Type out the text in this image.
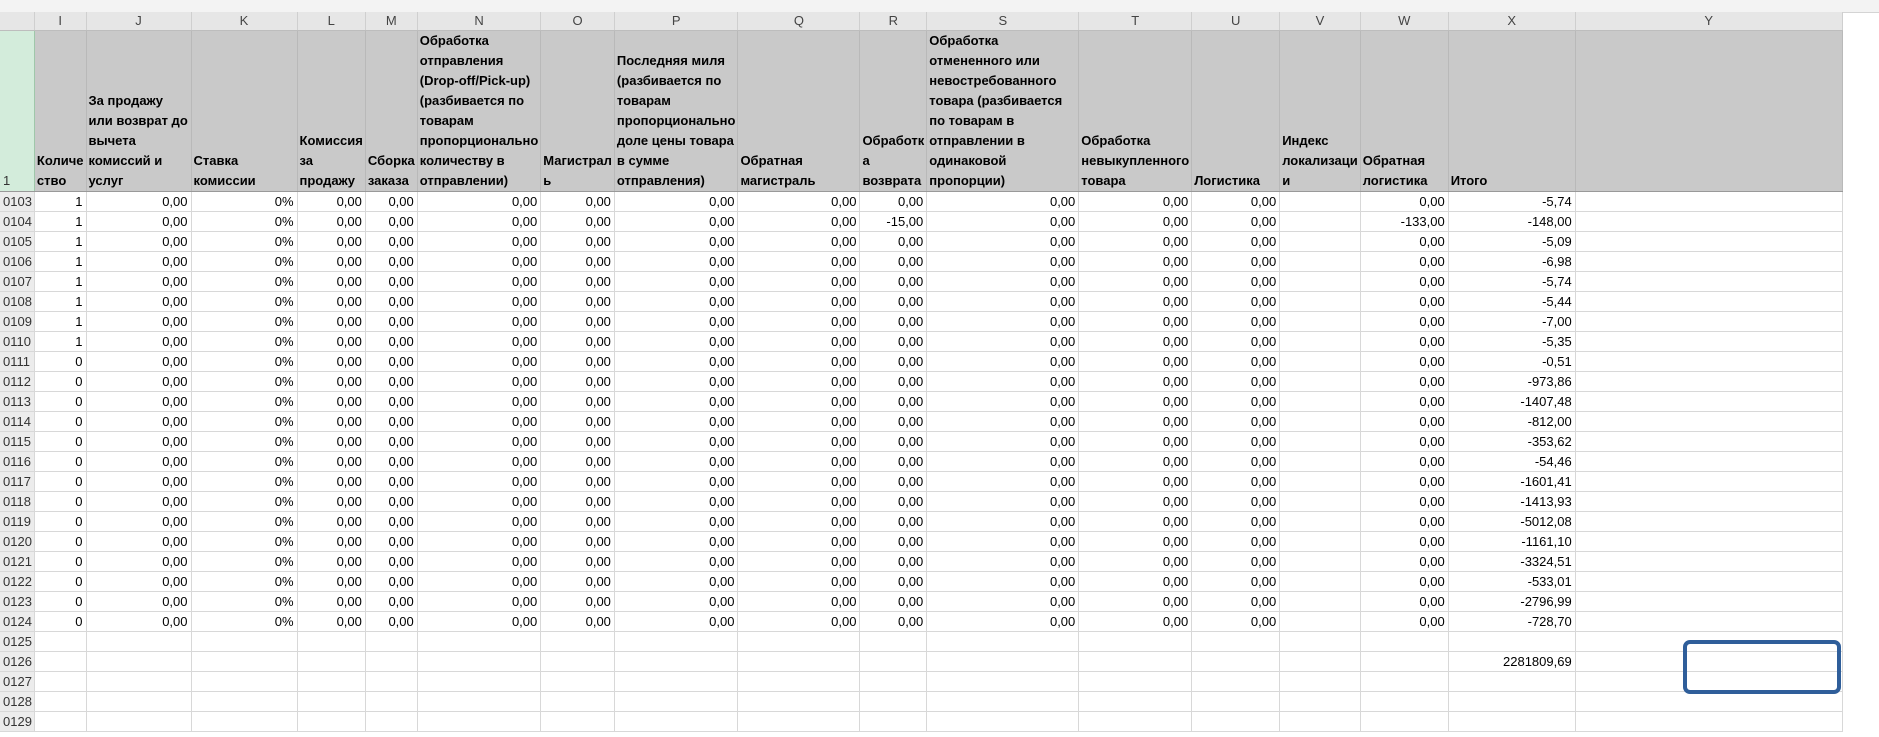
	I	J	K	L	M	N	O	P	Q	R	S	T	U	V	W	X	Y
1	Количе ство	За продажу или возврат до вычета комиссий и услуг	Ставка комиссии	Комиссия за продажу	Сборка заказа	Обработка отправления (Drop-off/Pick-up) (разбивается по товарам пропорционально количеству в отправлении)	Магистрал ь	Последняя миля (разбивается по товарам пропорционально доле цены товара в сумме отправления)	Обратная магистраль	Обработк а возврата	Обработка отмененного или невостребованного товара (разбивается по товарам в отправлении в одинаковой пропорции)	Обработка невыкупленного товара	Логистика	Индекс локализаци и	Обратная логистика	Итого	
0103	1	0,00	0%	0,00	0,00	0,00	0,00	0,00	0,00	0,00	0,00	0,00	0,00		0,00	-5,74	
0104	1	0,00	0%	0,00	0,00	0,00	0,00	0,00	0,00	-15,00	0,00	0,00	0,00		-133,00	-148,00	
0105	1	0,00	0%	0,00	0,00	0,00	0,00	0,00	0,00	0,00	0,00	0,00	0,00		0,00	-5,09	
0106	1	0,00	0%	0,00	0,00	0,00	0,00	0,00	0,00	0,00	0,00	0,00	0,00		0,00	-6,98	
0107	1	0,00	0%	0,00	0,00	0,00	0,00	0,00	0,00	0,00	0,00	0,00	0,00		0,00	-5,74	
0108	1	0,00	0%	0,00	0,00	0,00	0,00	0,00	0,00	0,00	0,00	0,00	0,00		0,00	-5,44	
0109	1	0,00	0%	0,00	0,00	0,00	0,00	0,00	0,00	0,00	0,00	0,00	0,00		0,00	-7,00	
0110	1	0,00	0%	0,00	0,00	0,00	0,00	0,00	0,00	0,00	0,00	0,00	0,00		0,00	-5,35	
0111	0	0,00	0%	0,00	0,00	0,00	0,00	0,00	0,00	0,00	0,00	0,00	0,00		0,00	-0,51	
0112	0	0,00	0%	0,00	0,00	0,00	0,00	0,00	0,00	0,00	0,00	0,00	0,00		0,00	-973,86	
0113	0	0,00	0%	0,00	0,00	0,00	0,00	0,00	0,00	0,00	0,00	0,00	0,00		0,00	-1407,48	
0114	0	0,00	0%	0,00	0,00	0,00	0,00	0,00	0,00	0,00	0,00	0,00	0,00		0,00	-812,00	
0115	0	0,00	0%	0,00	0,00	0,00	0,00	0,00	0,00	0,00	0,00	0,00	0,00		0,00	-353,62	
0116	0	0,00	0%	0,00	0,00	0,00	0,00	0,00	0,00	0,00	0,00	0,00	0,00		0,00	-54,46	
0117	0	0,00	0%	0,00	0,00	0,00	0,00	0,00	0,00	0,00	0,00	0,00	0,00		0,00	-1601,41	
0118	0	0,00	0%	0,00	0,00	0,00	0,00	0,00	0,00	0,00	0,00	0,00	0,00		0,00	-1413,93	
0119	0	0,00	0%	0,00	0,00	0,00	0,00	0,00	0,00	0,00	0,00	0,00	0,00		0,00	-5012,08	
0120	0	0,00	0%	0,00	0,00	0,00	0,00	0,00	0,00	0,00	0,00	0,00	0,00		0,00	-1161,10	
0121	0	0,00	0%	0,00	0,00	0,00	0,00	0,00	0,00	0,00	0,00	0,00	0,00		0,00	-3324,51	
0122	0	0,00	0%	0,00	0,00	0,00	0,00	0,00	0,00	0,00	0,00	0,00	0,00		0,00	-533,01	
0123	0	0,00	0%	0,00	0,00	0,00	0,00	0,00	0,00	0,00	0,00	0,00	0,00		0,00	-2796,99	
0124	0	0,00	0%	0,00	0,00	0,00	0,00	0,00	0,00	0,00	0,00	0,00	0,00		0,00	-728,70	
0125																	
0126																2281809,69	
0127																	
0128																	
0129																	
